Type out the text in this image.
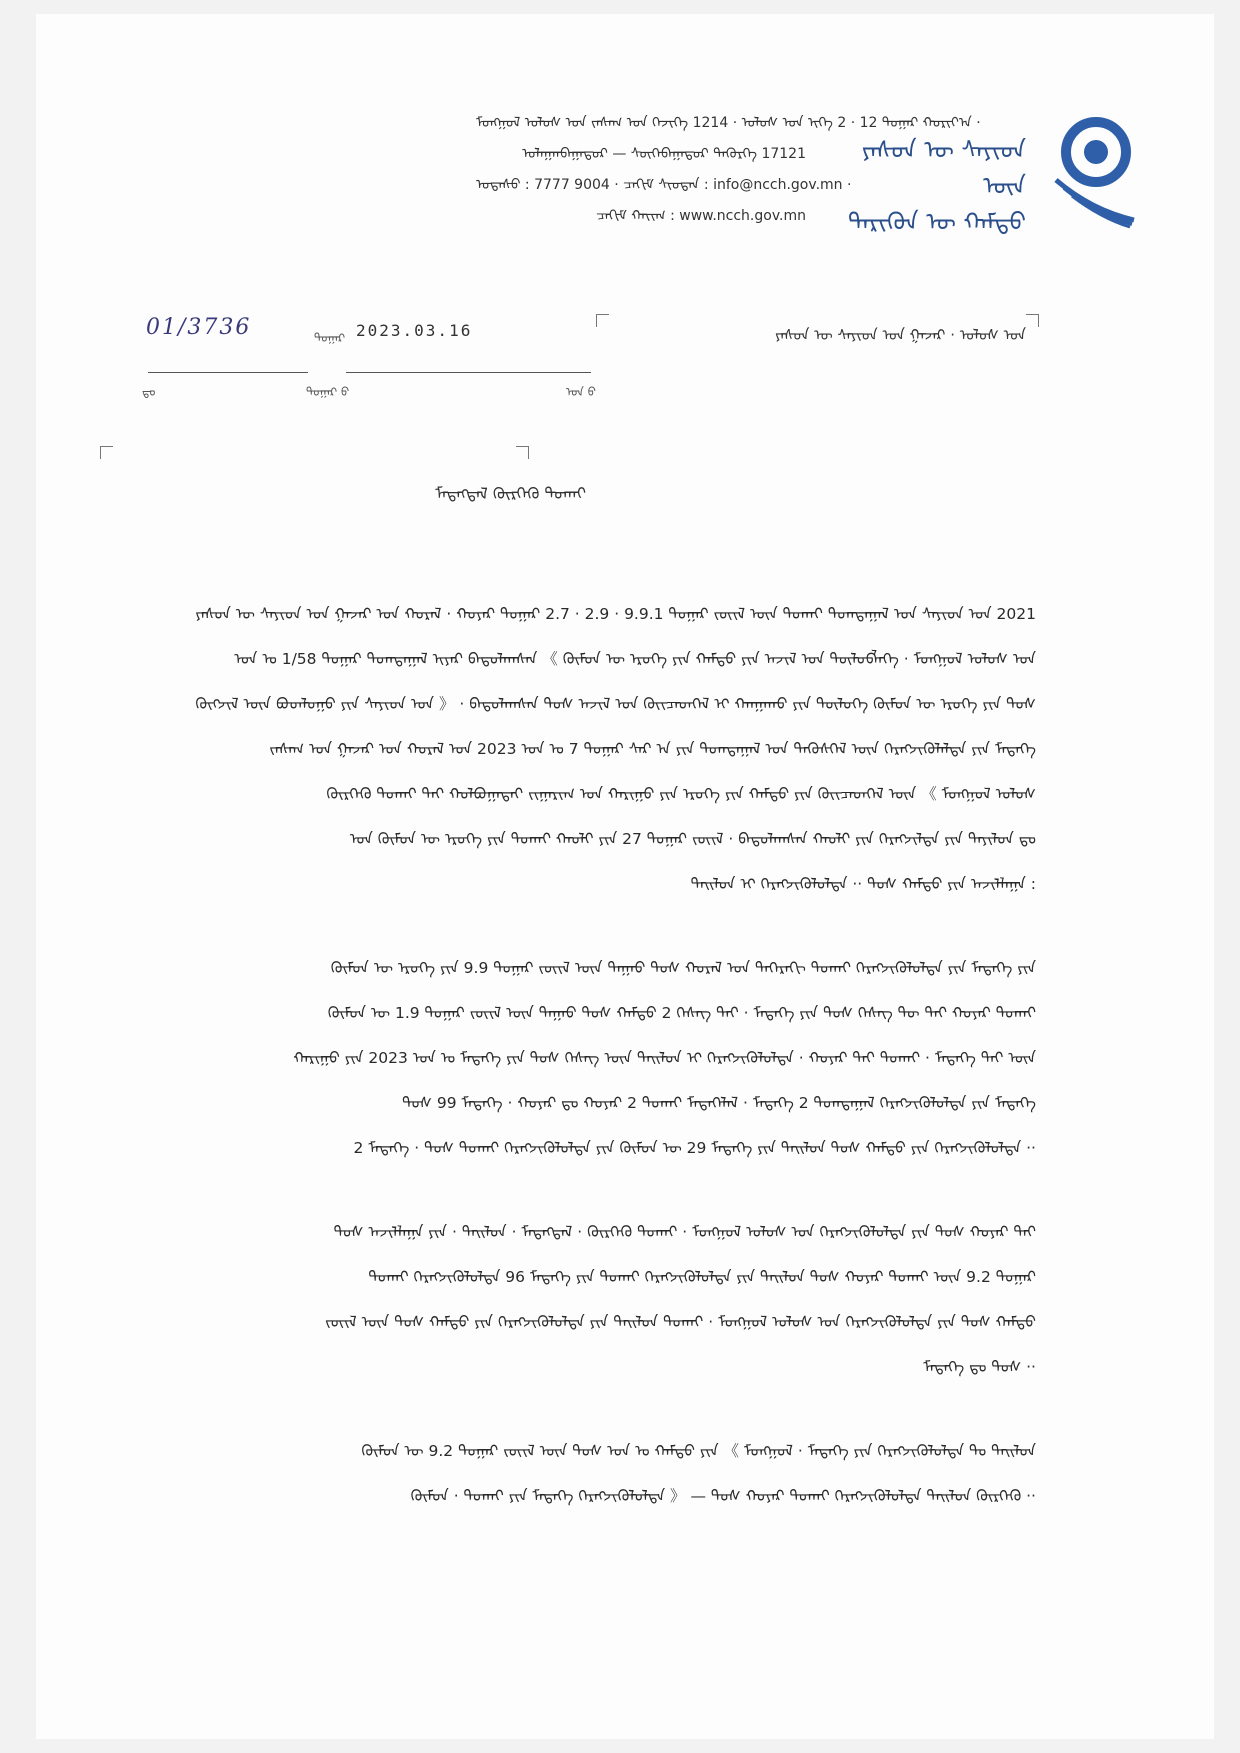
ᠶᠡᠰᠦᠨ ᠦ ᠰᠠᠶᠢᠳ ᠦᠨ
ᠲᠡᠷᠢᠭᠦᠨ ᠦ ᠬᠠᠮᠲᠤ
ᠮᠣᠩᠭᠣᠯ ᠤᠯᠤᠰ ᠤᠨ ᠵᠠᠰᠠᠭ ᠤᠨ ᠭᠡᠵᠢᠭᠡ 1214 · ᠤᠯᠤᠰ ᠤᠨ ᠢᠬᠡ 2 · 12 ᠳᠤᠭᠠᠷ ᠬᠣᠷᠢᠶ᠎ᠠ ·
ᠤᠯᠠᠭᠠᠨᠪᠠᠭᠠᠲᠤᠷ — ᠰᠦᠬᠡᠪᠠᠭᠠᠲᠤᠷ ᠳᠡᠭᠦᠷᠭᠡ 17121
ᠤᠲᠠᠰᠤ : 7777 9004 · ᠴᠠᠬᠢᠮ ᠰᠢᠤᠳᠠᠨ : info@ncch.gov.mn ·
ᠴᠠᠬᠢᠮ ᠬᠠᠶ᠋ᠢᠭ : www.ncch.gov.mn
ᠶᠡᠰᠦᠨ ᠦ ᠰᠠᠶᠢᠳ ᠤᠨ ᠭᠠᠵᠠᠷ · ᠤᠯᠤᠰ ᠤᠨ
2023.03.16
01/3736	ᠳᠤᠭᠠᠷ
ᠣᠨ ᠪ
ᠳᠤᠭᠠᠷ ᠪ
ᠳᠤ
ᠮᠡᠳᠡᠭᠳᠡᠯ ᠬᠦᠷᠭᠡᠬᠦ ᠲᠤᠬᠠᠢ
ᠶᠡᠰᠦᠨ ᠦ ᠰᠠᠶᠢᠳ ᠤᠨ ᠭᠠᠵᠠᠷ ᠤᠨ ᠬᠤᠷᠠᠯ · ᠬᠣᠶᠠᠷ ᠳᠤᠭᠠᠷ 2.7 · 2.9 · 9.9.1 ᠳᠤᠭᠠᠷ ᠵᠦᠢᠯ ᠦᠨ ᠲᠤᠬᠠᠢ ᠲᠤᠭᠲᠠᠭᠠᠯ ᠤᠨ ᠰᠠᠶᠢᠳ ᠤᠨ 2021
ᠣᠨ ᠤ 1/58 ᠳᠤᠭᠠᠷ ᠲᠣᠭᠲᠠᠭᠠᠯ ᠢᠶᠠᠷ ᠪᠠᠲᠤᠯᠠᠭᠰᠠᠨ 《 ᠬᠦᠮᠦᠨ ᠦ ᠡᠷᠦᠬᠡ ᠶᠢᠨ ᠬᠠᠮᠲᠤ ᠶᠢᠨ ᠠᠵᠢᠯ ᠤᠨ ᠲᠥᠯᠥᠪᠯᠡᠭᠡ · ᠮᠣᠩᠭᠣᠯ ᠤᠯᠤᠰ ᠤᠨ
ᠬᠥᠭᠵᠢᠯ ᠦᠨ ᠪᠣᠳᠯᠣᠭᠣ ᠶᠢᠨ ᠰᠠᠶᠢᠳ ᠤᠨ 》 · ᠪᠠᠲᠤᠯᠠᠭᠰᠠᠨ ᠲᠤᠰ ᠠᠵᠢᠯ ᠤᠨ ᠭᠦᠢᠴᠡᠳᠭᠡᠯ ᠢ ᠬᠠᠨᠭᠠᠬᠤ ᠶᠢᠨ ᠲᠥᠯᠥᠭᠡ ᠬᠦᠮᠦᠨ ᠦ ᠡᠷᠦᠬᠡ ᠶᠢᠨ ᠲᠤᠰ
ᠵᠠᠰᠠᠭ ᠤᠨ ᠭᠠᠵᠠᠷ ᠤᠨ ᠬᠤᠷᠠᠯ ᠤᠨ 2023 ᠣᠨ ᠤ 7 ᠳᠤᠭᠠᠷ ᠰᠠᠷ ᠠ ᠶᠢᠨ ᠲᠣᠭᠲᠠᠭᠠᠯ ᠤᠨ ᠲᠡᠭᠦᠰᠬᠡᠯ ᠦᠨ ᠬᠡᠷᠡᠭᠵᠢᠭᠦᠯᠡᠯᠲᠡ ᠶᠢᠨ ᠮᠡᠳᠡᠭᠡ
ᠬᠦᠷᠭᠡᠬᠦ ᠲᠤᠬᠠᠢ ᠲᠡᠢ ᠬᠣᠯᠪᠣᠭᠠᠲᠠᠢ ᠵᠢᠭᠠᠷᠢᠭ ᠤᠨ ᠬᠠᠷᠢᠭᠤ ᠶᠢᠨ ᠡᠷᠦᠬᠡ ᠶᠢᠨ ᠬᠠᠮᠲᠤ ᠶᠢᠨ ᠭᠦᠢᠴᠡᠳᠭᠡᠯ ᠦᠨ 《 ᠮᠣᠩᠭᠣᠯ ᠤᠯᠤᠰ
ᠤᠨ ᠬᠦᠮᠦᠨ ᠦ ᠡᠷᠦᠬᠡ ᠶᠢᠨ ᠲᠤᠬᠠᠢ ᠬᠠᠤᠯᠢ ᠶᠢᠨ 27 ᠳᠤᠭᠠᠷ ᠵᠦᠢᠯ · ᠪᠠᠲᠤᠯᠠᠭᠰᠠᠨ ᠬᠠᠤᠯᠢ ᠶᠢᠨ ᠬᠡᠷᠡᠭᠵᠢᠯᠲᠡ ᠶᠢᠨ ᠲᠠᠶᠢᠯᠤᠨ ᠳᠤ
ᠲᠠᠢᠯᠤᠨ ᠢ ᠬᠡᠷᠡᠭᠵᠢᠭᠦᠯᠦᠯᠲᠡ ·· ᠲᠤᠰ ᠬᠠᠮᠲᠤ ᠶᠢᠨ ᠠᠵᠢᠯᠯᠠᠭᠠ :
ᠬᠦᠮᠦᠨ ᠦ ᠡᠷᠦᠬᠡ ᠶᠢᠨ 9.9 ᠳᠤᠭᠠᠷ ᠵᠦᠢᠯ ᠦᠨ ᠳᠠᠭᠠᠤ ᠲᠤᠰ ᠬᠤᠷᠠᠯ ᠤᠨ ᠳᠡᠭᠡᠷᠡᠬᠢ ᠲᠤᠬᠠᠢ ᠬᠡᠷᠡᠭᠵᠢᠭᠦᠯᠦᠯᠲᠡ ᠶᠢᠨ ᠮᠡᠳᠡᠭᠡ ᠶᠢᠨ
ᠬᠦᠮᠦᠨ ᠦ 1.9 ᠳᠤᠭᠠᠷ ᠵᠦᠢᠯ ᠦᠨ ᠳᠠᠭᠠᠤ ᠲᠤᠰ ᠬᠠᠮᠲᠤ 2 ᠬᠡᠰᠡᠭ ᠲᠡᠢ · ᠮᠡᠳᠡᠭᠡ ᠶᠢᠨ ᠲᠤᠰ ᠬᠡᠰᠡᠭ ᠲᠦ ᠲᠠᠢ ᠬᠣᠶᠠᠷ ᠲᠤᠬᠠᠢ
ᠬᠠᠷᠢᠭᠤ ᠶᠢᠨ 2023 ᠣᠨ ᠤ ᠮᠡᠳᠡᠭᠡ ᠶᠢᠨ ᠲᠤᠰ ᠬᠡᠰᠡᠭ ᠦᠨ ᠲᠠᠢᠯᠤᠨ ᠢ ᠬᠡᠷᠡᠭᠵᠢᠭᠦᠯᠦᠯᠲᠡ · ᠬᠣᠶᠠᠷ ᠲᠠᠢ ᠲᠤᠬᠠᠢ · ᠮᠡᠳᠡᠭᠡ ᠲᠡᠢ ᠦᠨ
ᠲᠤᠰ 99 ᠮᠡᠳᠡᠭᠡ · ᠬᠣᠶᠠᠷ ᠳᠤ ᠬᠣᠶᠠᠷ 2 ᠲᠤᠬᠠᠢ ᠮᠡᠳᠡᠭᠡᠯᠡᠯ · ᠮᠡᠳᠡᠭᠡ 2 ᠲᠣᠭᠲᠠᠭᠠᠯ ᠬᠡᠷᠡᠭᠵᠢᠭᠦᠯᠦᠯᠲᠡ ᠶᠢᠨ ᠮᠡᠳᠡᠭᠡ
2 ᠮᠡᠳᠡᠭᠡ · ᠲᠤᠰ ᠲᠤᠬᠠᠢ ᠬᠡᠷᠡᠭᠵᠢᠭᠦᠯᠦᠯᠲᠡ ᠶᠢᠨ ᠬᠦᠮᠦᠨ ᠦ 29 ᠮᠡᠳᠡᠭᠡ ᠶᠢᠨ ᠲᠠᠢᠯᠤᠨ ᠲᠤᠰ ᠬᠠᠮᠲᠤ ᠶᠢᠨ ᠬᠡᠷᠡᠭᠵᠢᠭᠦᠯᠦᠯᠲᠡ ··
ᠲᠤᠰ ᠠᠵᠢᠯᠯᠠᠭᠠ ᠶᠢᠨ · ᠲᠠᠢᠯᠤᠨ · ᠮᠡᠳᠡᠭᠳᠡᠯ · ᠬᠦᠷᠭᠡᠬᠦ ᠲᠤᠬᠠᠢ · ᠮᠣᠩᠭᠣᠯ ᠤᠯᠤᠰ ᠤᠨ ᠬᠡᠷᠡᠭᠵᠢᠭᠦᠯᠦᠯᠲᠡ ᠶᠢᠨ ᠲᠤᠰ ᠬᠣᠶᠠᠷ ᠲᠠᠢ
ᠲᠤᠬᠠᠢ ᠬᠡᠷᠡᠭᠵᠢᠭᠦᠯᠦᠯᠲᠡ 96 ᠮᠡᠳᠡᠭᠡ ᠶᠢᠨ ᠲᠤᠬᠠᠢ ᠬᠡᠷᠡᠭᠵᠢᠭᠦᠯᠦᠯᠲᠡ ᠶᠢᠨ ᠲᠠᠢᠯᠤᠨ ᠲᠤᠰ ᠬᠣᠶᠠᠷ ᠲᠤᠬᠠᠢ ᠦᠨ 9.2 ᠳᠤᠭᠠᠷ
ᠵᠦᠢᠯ ᠦᠨ ᠲᠤᠰ ᠬᠠᠮᠲᠤ ᠶᠢᠨ ᠬᠡᠷᠡᠭᠵᠢᠭᠦᠯᠦᠯᠲᠡ ᠶᠢᠨ ᠲᠠᠢᠯᠤᠨ ᠲᠤᠬᠠᠢ · ᠮᠣᠩᠭᠣᠯ ᠤᠯᠤᠰ ᠤᠨ ᠬᠡᠷᠡᠭᠵᠢᠭᠦᠯᠦᠯᠲᠡ ᠶᠢᠨ ᠲᠤᠰ ᠬᠠᠮᠲᠤ
ᠮᠡᠳᠡᠭᠡ ᠳᠤ ᠲᠤᠰ ··
ᠬᠦᠮᠦᠨ ᠦ 9.2 ᠳᠤᠭᠠᠷ ᠵᠦᠢᠯ ᠦᠨ ᠲᠤᠰ ᠣᠨ ᠤ ᠬᠠᠮᠲᠤ ᠶᠢᠨ 《 ᠮᠣᠩᠭᠣᠯ · ᠮᠡᠳᠡᠭᠡ ᠶᠢᠨ ᠬᠡᠷᠡᠭᠵᠢᠭᠦᠯᠦᠯᠲᠡ ᠲᠤ ᠲᠠᠢᠯᠤᠨ
ᠬᠦᠮᠦᠨ · ᠲᠤᠬᠠᠢ ᠶᠢᠨ ᠮᠡᠳᠡᠭᠡ ᠬᠡᠷᠡᠭᠵᠢᠭᠦᠯᠦᠯᠲᠡ 》 — ᠲᠤᠰ ᠬᠣᠶᠠᠷ ᠲᠤᠬᠠᠢ ᠬᠡᠷᠡᠭᠵᠢᠭᠦᠯᠦᠯᠲᠡ ᠲᠠᠢᠯᠤᠨ ᠬᠦᠷᠭᠡᠬᠦ ··
